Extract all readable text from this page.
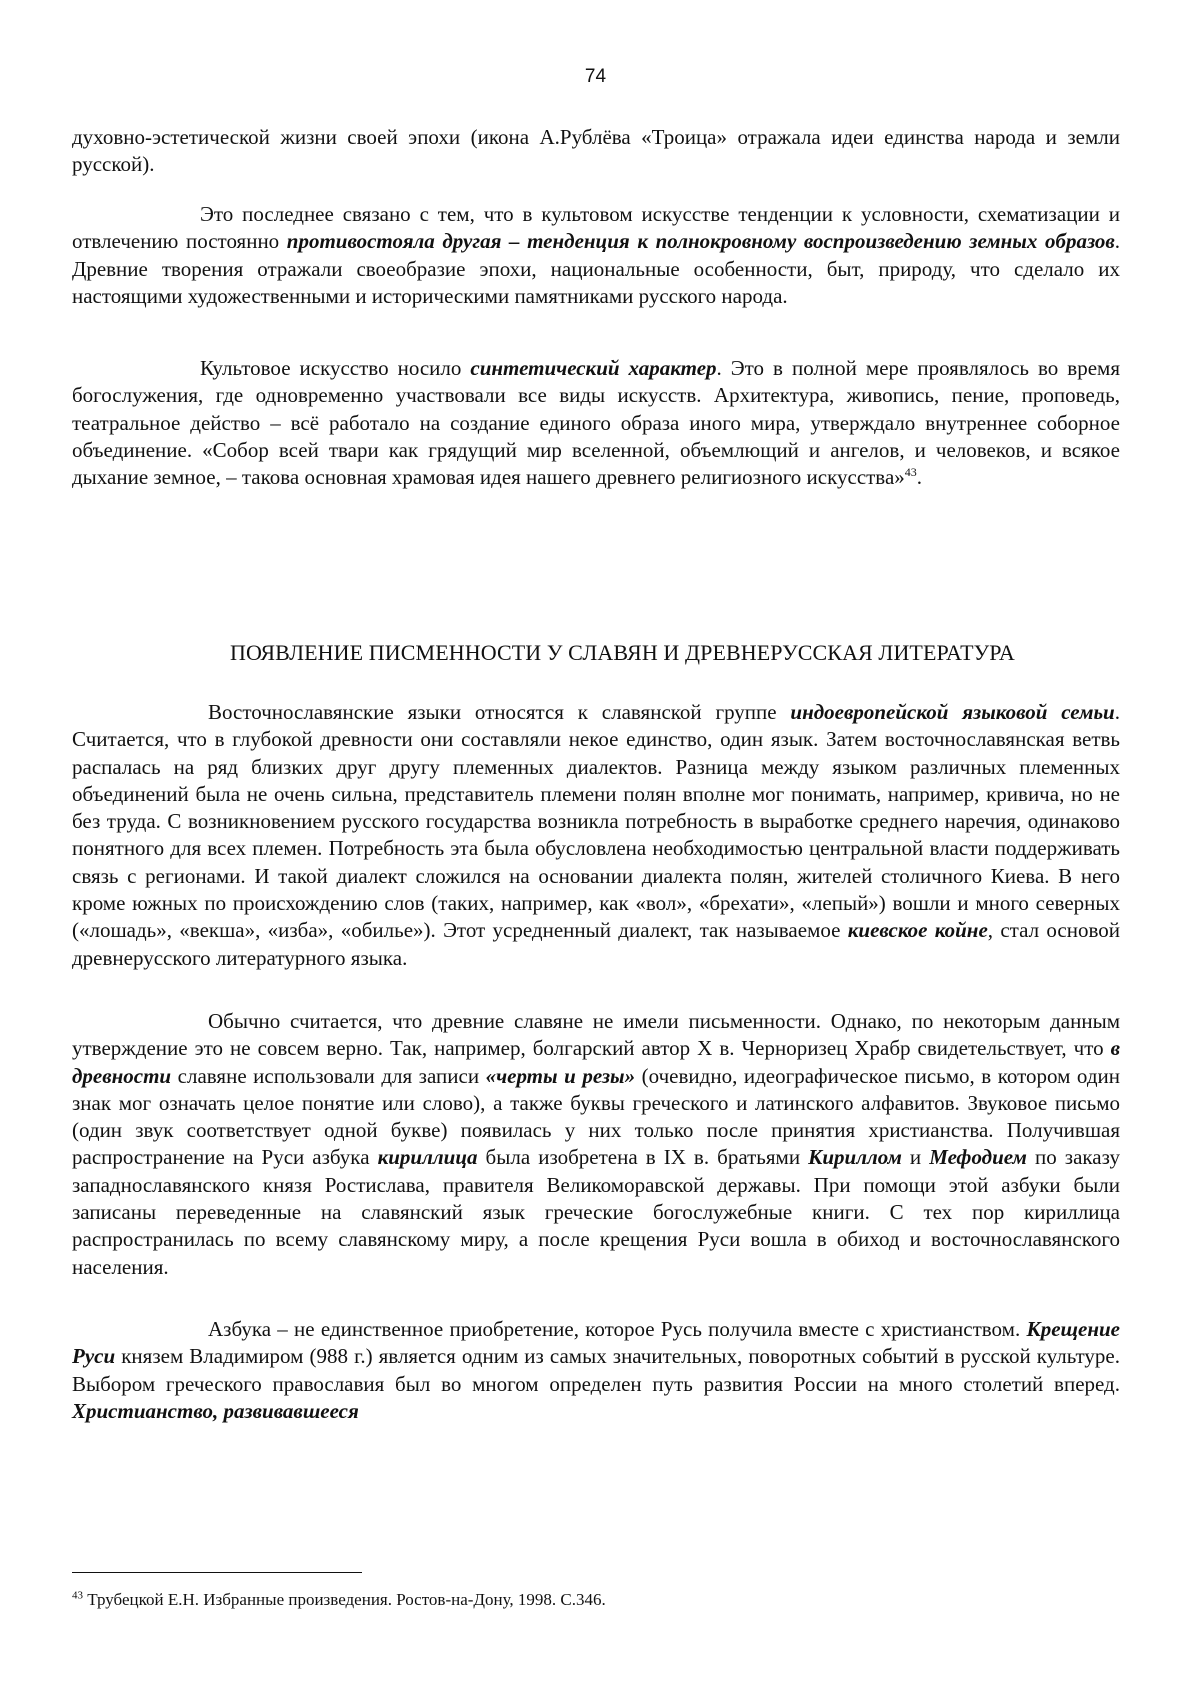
74

духовно-эстетической жизни своей эпохи (икона А.Рублёва «Троица» отражала идеи единства народа и земли русской).

Это последнее связано с тем, что в культовом искусстве тенденции к условности, схематизации и отвлечению постоянно противостояла другая – тенденция к полнокровному воспроизведению земных образов. Древние творения отражали своеобразие эпохи, национальные особенности, быт, природу, что сделало их настоящими художественными и историческими памятниками русского народа.

Культовое искусство носило синтетический характер. Это в полной мере проявлялось во время богослужения, где одновременно участвовали все виды искусств. Архитектура, живопись, пение, проповедь, театральное действо – всё работало на создание единого образа иного мира, утверждало внутреннее соборное объединение. «Собор всей твари как грядущий мир вселенной, объемлющий и ангелов, и человеков, и всякое дыхание земное, – такова основная храмовая идея нашего древнего религиозного искусства»$^{43}$.

ПОЯВЛЕНИЕ ПИСМЕННОСТИ У СЛАВЯН И ДРЕВНЕРУССКАЯ ЛИТЕРАТУРА

Восточнославянские языки относятся к славянской группе индоевропейской языковой семьи. Считается, что в глубокой древности они составляли некое единство, один язык. Затем восточнославянская ветвь распалась на ряд близких друг другу племенных диалектов. Разница между языком различных племенных объединений была не очень сильна, представитель племени полян вполне мог понимать, например, кривича, но не без труда. С возникновением русского государства возникла потребность в выработке среднего наречия, одинаково понятного для всех племен. Потребность эта была обусловлена необходимостью центральной власти поддерживать связь с регионами. И такой диалект сложился на основании диалекта полян, жителей столичного Киева. В него кроме южных по происхождению слов (таких, например, как «вол», «брехати», «лепый») вошли и много северных («лошадь», «векша», «изба», «обилье»). Этот усредненный диалект, так называемое киевское койне, стал основой древнерусского литературного языка.

Обычно считается, что древние славяне не имели письменности. Однако, по некоторым данным утверждение это не совсем верно. Так, например, болгарский автор X в. Черноризец Храбр свидетельствует, что в древности славяне использовали для записи «черты и резы» (очевидно, идеографическое письмо, в котором один знак мог означать целое понятие или слово), а также буквы греческого и латинского алфавитов. Звуковое письмо (один звук соответствует одной букве) появилась у них только после принятия христианства. Получившая распространение на Руси азбука кириллица была изобретена в IX в. братьями Кириллом и Мефодием по заказу западнославянского князя Ростислава, правителя Великоморавской державы. При помощи этой азбуки были записаны переведенные на славянский язык греческие богослужебные книги. С тех пор кириллица распространилась по всему славянскому миру, а после крещения Руси вошла в обиход и восточнославянского населения.

Азбука – не единственное приобретение, которое Русь получила вместе с христианством. Крещение Руси князем Владимиром (988 г.) является одним из самых значительных, поворотных событий в русской культуре. Выбором греческого православия был во многом определен путь развития России на много столетий вперед. Христианство, развивавшееся

$^{43}$ Трубецкой Е.Н. Избранные произведения. Ростов-на-Дону, 1998. С.346.
